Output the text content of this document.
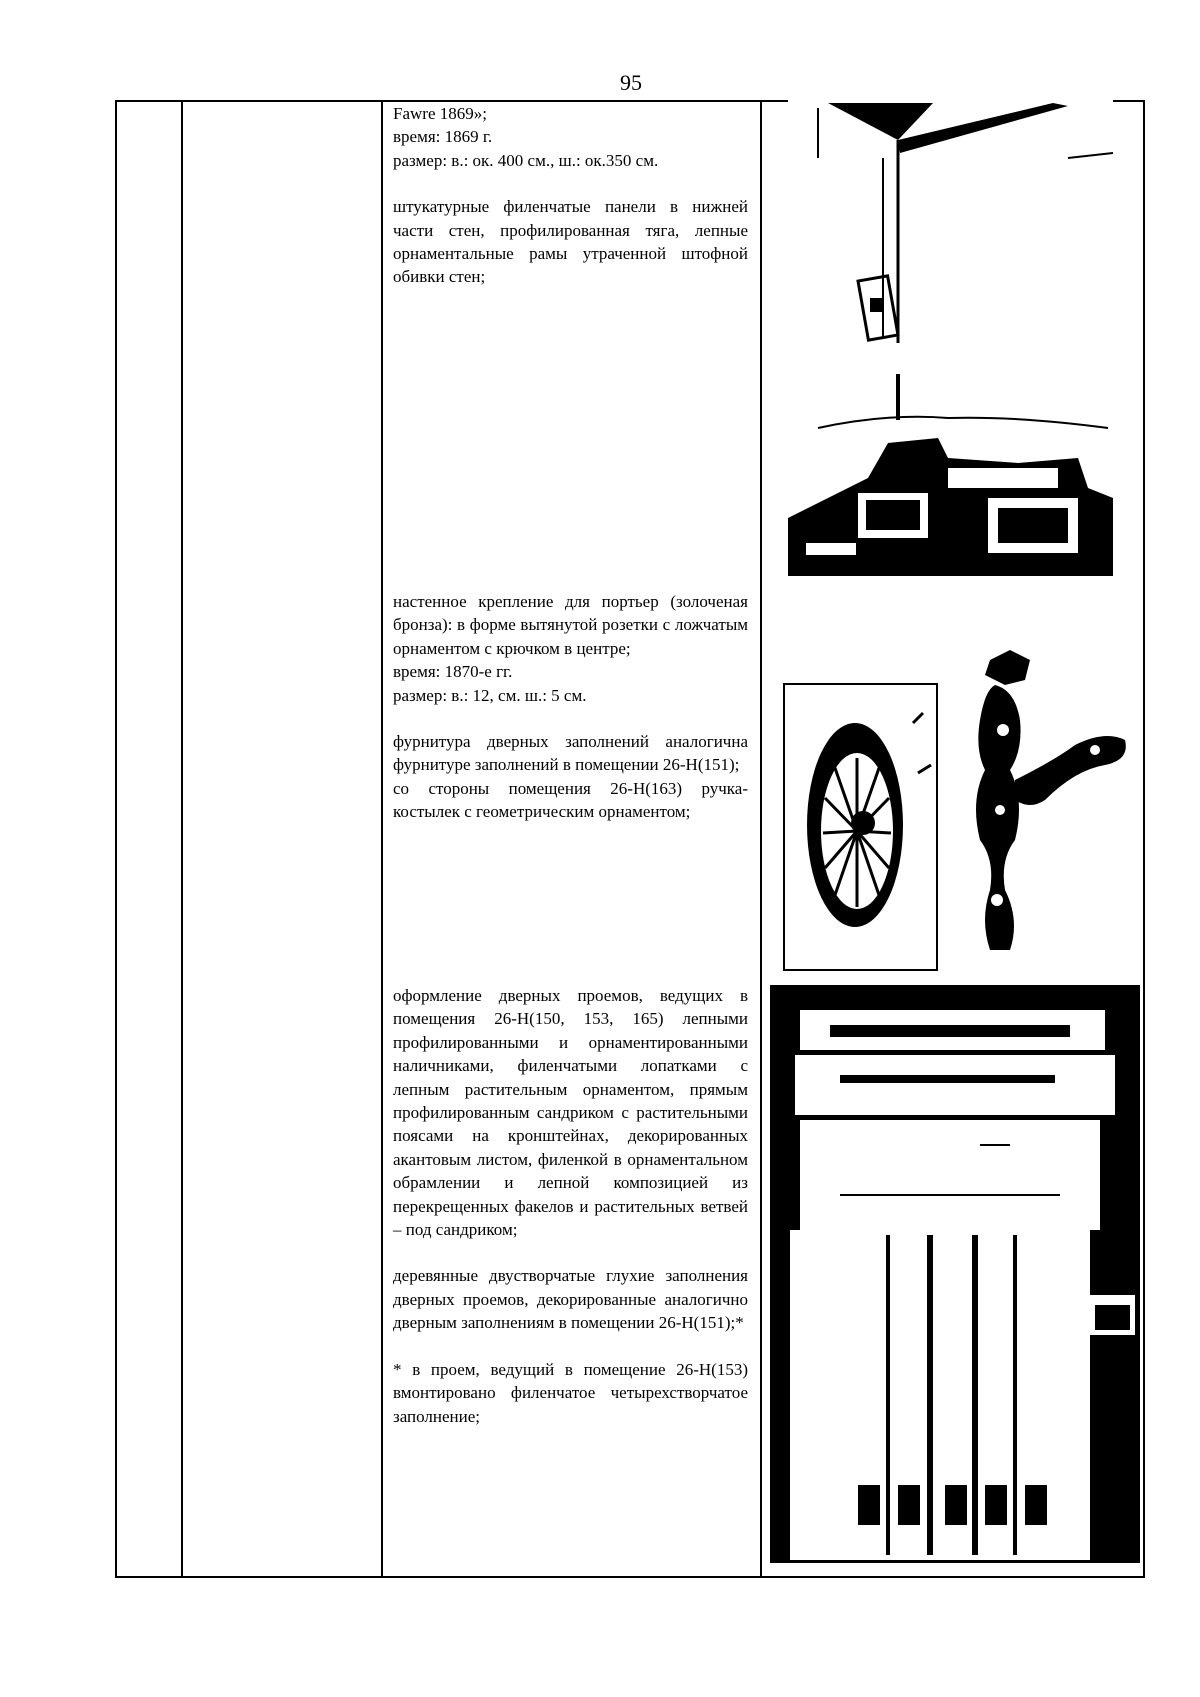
95

Fawre 1869»;

время: 1869 г.

размер: в.: ок. 400 см., ш.: ок.350 см.

штукатурные филенчатые панели в нижней части стен, профилированная тяга, лепные орнаментальные рамы утраченной штофной обивки стен;

настенное крепление для портьер (золоченая бронза): в форме вытянутой розетки с ложчатым орнаментом с крючком в центре;

время: 1870-е гг.

размер: в.: 12, см. ш.: 5 см.

фурнитура дверных заполнений аналогична фурнитуре заполнений в помещении 26-Н(151);

со стороны помещения 26-Н(163) ручка-костылек с геометрическим орнаментом;

оформление дверных проемов, ведущих в помещения 26-Н(150, 153, 165) лепными профилированными и орнаментированными наличниками, филенчатыми лопатками с лепным растительным орнаментом, прямым профилированным сандриком с растительными поясами на кронштейнах, декорированных акантовым листом, филенкой в орнаментальном обрамлении и лепной композицией из перекрещенных факелов и растительных ветвей – под сандриком;

деревянные двустворчатые глухие заполнения дверных проемов, декорированные аналогично дверным заполнениям в помещении 26-Н(151);*

* в проем, ведущий в помещение 26-Н(153) вмонтировано филенчатое четырехстворчатое заполнение;
